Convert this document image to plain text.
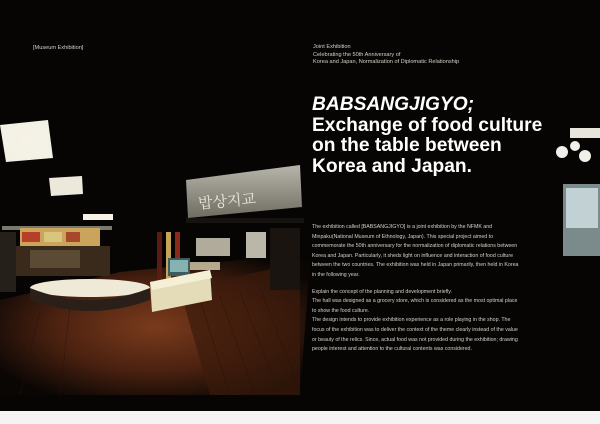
밥상지교
[Museum Exhibition]	Joint Exhibition
Celebrating the 50th Anniversary of
Korea and Japan, Normalization of Diplomatic Relationship
BABSANGJIGYO;
Exchange of food culture
on the table between
Korea and Japan.

The exhibition called [BABSANGJIGYO] is a joint exhibition by the NFMK and
Minpaku(National Museum of Ethnology, Japan). This special project aimed to
commemorate the 50th anniversary for the normalization of diplomatic relations between
Korea and Japan. Particularly, it sheds light on influence and interaction of food culture
between the two countries. The exhibition was held in Japan primarily, then held in Korea
in the following year.

Explain the concept of the planning and development briefly.
The hall was designed as a grocery store, which is considered as the most optimal place
to show the food culture.
The design intends to provide exhibition experience as a role playing in the shop. The
focus of the exhibition was to deliver the context of the theme clearly instead of the value
or beauty of the relics. Since, actual food was not provided during the exhibition; drawing
people interest and attention to the cultural contents was considered.
